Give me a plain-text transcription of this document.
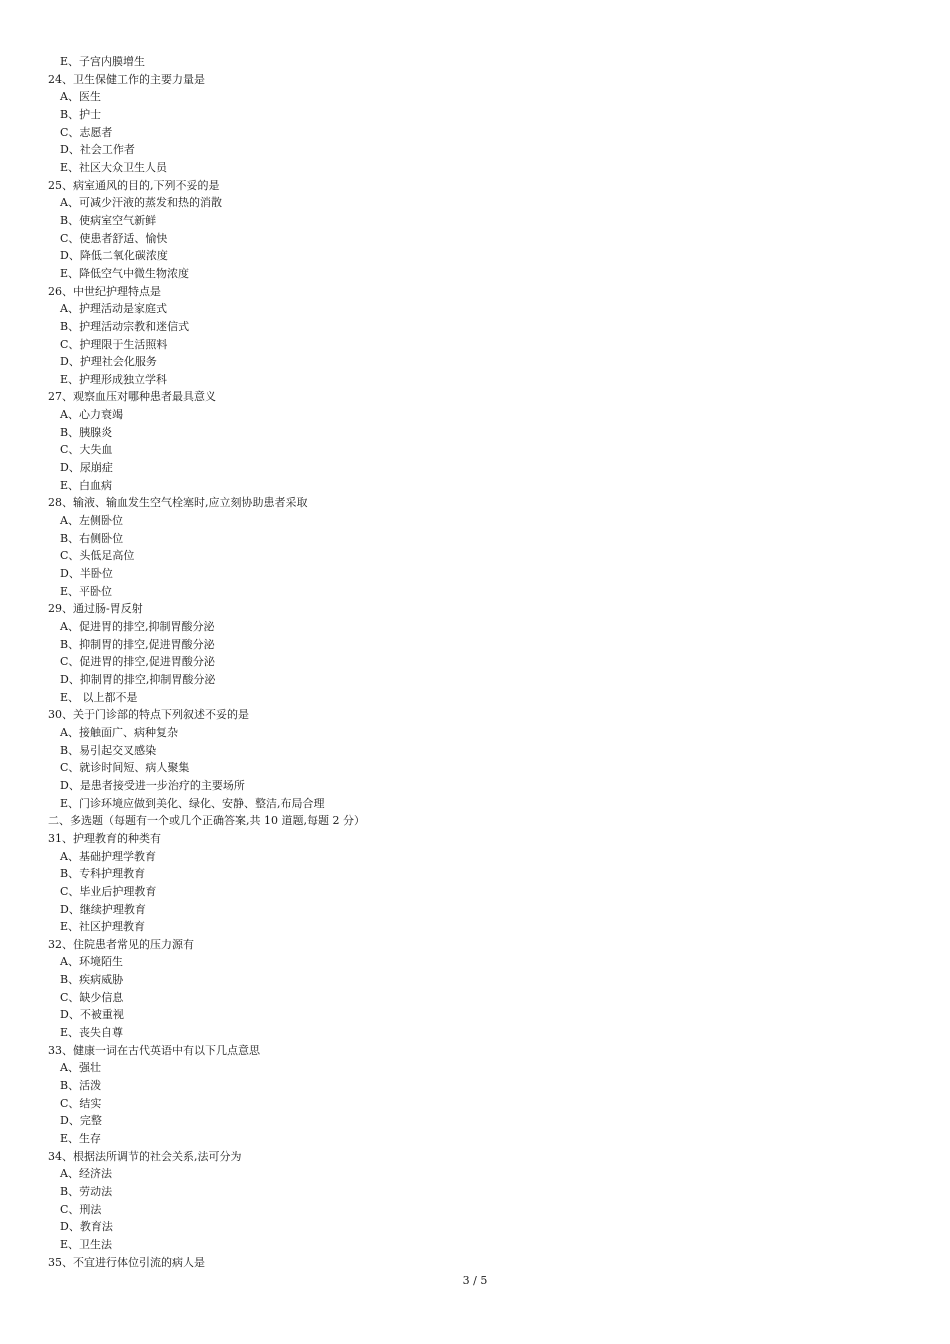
E、子宫内膜增生
24、卫生保健工作的主要力量是
A、医生
B、护士
C、志愿者
D、社会工作者
E、社区大众卫生人员
25、病室通风的目的,下列不妥的是
A、可减少汗液的蒸发和热的消散
B、使病室空气新鲜
C、使患者舒适、愉快
D、降低二氧化碳浓度
E、降低空气中微生物浓度
26、中世纪护理特点是
A、护理活动是家庭式
B、护理活动宗教和迷信式
C、护理限于生活照料
D、护理社会化服务
E、护理形成独立学科
27、观察血压对哪种患者最具意义
A、心力衰竭
B、胰腺炎
C、大失血
D、尿崩症
E、白血病
28、输液、输血发生空气栓塞时,应立刻协助患者采取
A、左侧卧位
B、右侧卧位
C、头低足高位
D、半卧位
E、平卧位
29、通过肠-胃反射
A、促进胃的排空,抑制胃酸分泌
B、抑制胃的排空,促进胃酸分泌
C、促进胃的排空,促进胃酸分泌
D、抑制胃的排空,抑制胃酸分泌
E、 以上都不是
30、关于门诊部的特点下列叙述不妥的是
A、接触面广、病种复杂
B、易引起交叉感染
C、就诊时间短、病人聚集
D、是患者接受进一步治疗的主要场所
E、门诊环境应做到美化、绿化、安静、整洁,布局合理
二、多选题（每题有一个或几个正确答案,共 10 道题,每题 2 分）
31、护理教育的种类有
A、基础护理学教育
B、专科护理教育
C、毕业后护理教育
D、继续护理教育
E、社区护理教育
32、住院患者常见的压力源有
A、环境陌生
B、疾病威胁
C、缺少信息
D、不被重视
E、丧失自尊
33、健康一词在古代英语中有以下几点意思
A、强壮
B、活泼
C、结实
D、完整
E、生存
34、根据法所调节的社会关系,法可分为
A、经济法
B、劳动法
C、刑法
D、教育法
E、卫生法
35、不宜进行体位引流的病人是
3 / 5
